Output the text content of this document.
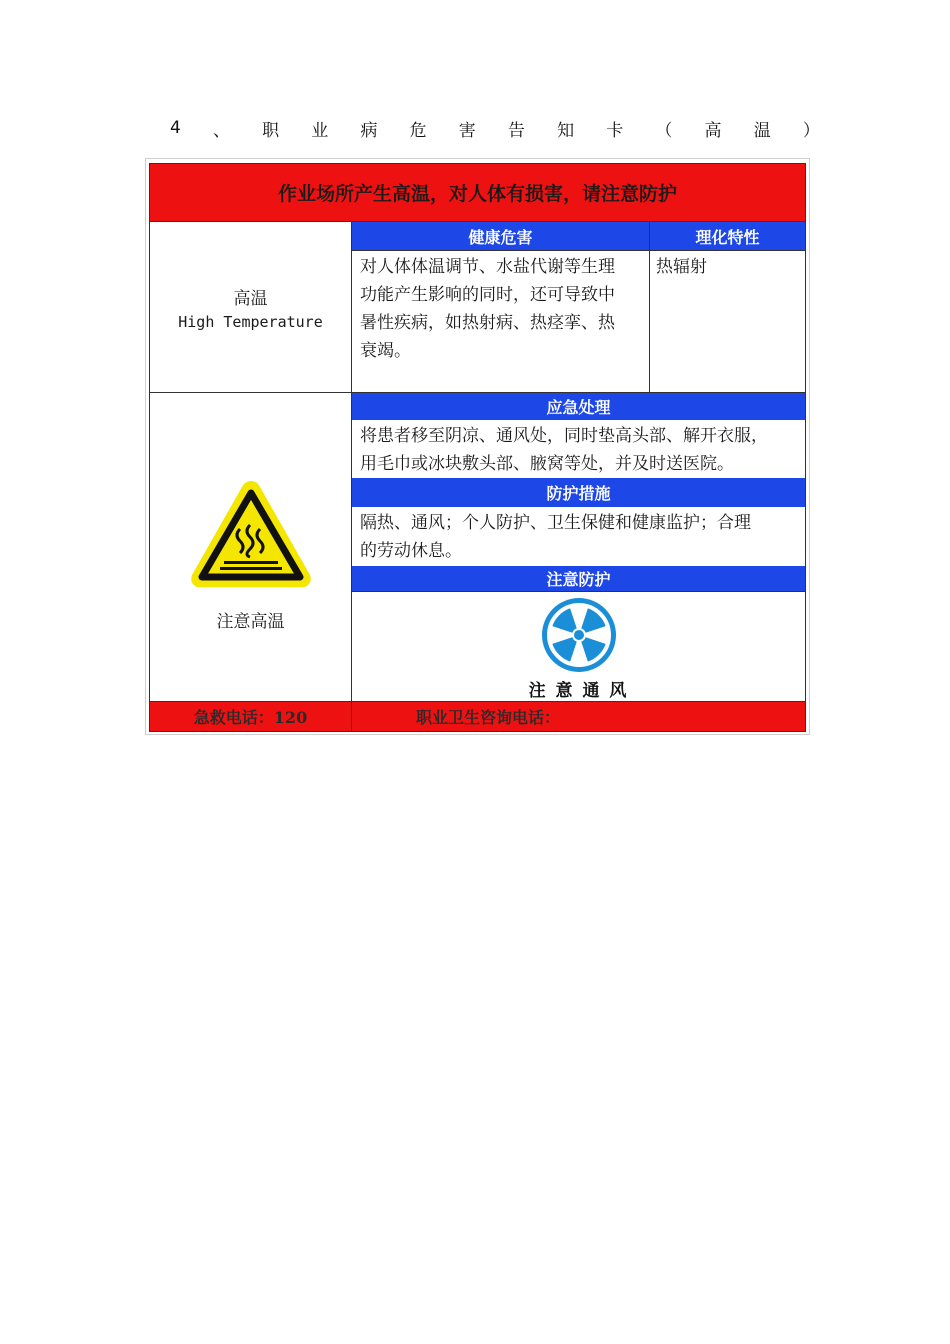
4 、 职 业 病 危 害 告 知 卡 （ 高 温 ）
作业场所产生高温，对人体有损害，请注意防护
高温
High Temperature
健康危害	理化特性
对人体体温调节、水盐代谢等生理
功能产生影响的同时，还可导致中
暑性疾病，如热射病、热痉挛、热
衰竭。
热辐射
注意高温
应急处理
将患者移至阴凉、通风处，同时垫高头部、解开衣服，
用毛巾或冰块敷头部、腋窝等处，并及时送医院。
防护措施
隔热、通风；个人防护、卫生保健和健康监护；合理
的劳动休息。
注意防护
注 意 通 风
急救电话：120	职业卫生咨询电话：
